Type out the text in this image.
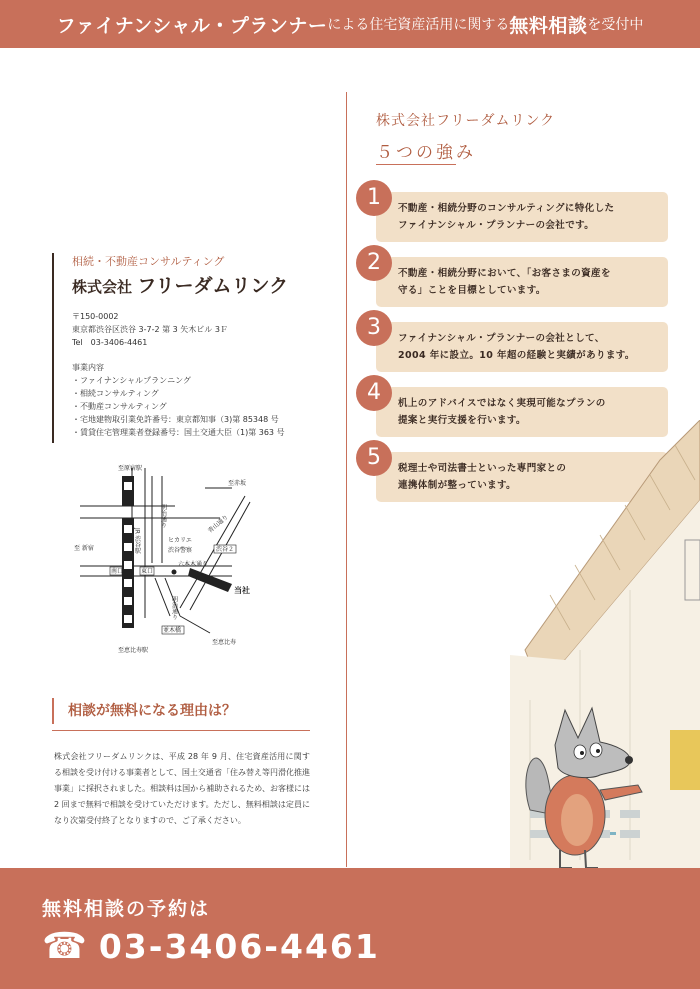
ファイナンシャル・プランナー による住宅資産活用に関する 無料相談 を受付中
相続・不動産コンサルティング
株式会社 フリーダムリンク
〒150-0002
東京都渋谷区渋谷 3-7-2 第 3 矢木ビル 3Ｆ
Tel　03-3406-4461
事業内容
・ファイナンシャルプランニング
・相続コンサルティング
・不動産コンサルティング
・宅地建物取引業免許番号：東京都知事（3)第 85348 号
・賃貸住宅管理業者登録番号：国土交通大臣（1)第 363 号
至原宿駅
至赤坂
至 新宿
明治通り	青山通り
JR 渋谷駅	ヒカリエ
渋谷警察	渋谷２
六本木通り
南口	東口
当社
明治通り
並木橋
至恵比寿駅
至恵比寿
相談が無料になる理由は？
株式会社フリーダムリンクは、平成 28 年 9 月、住宅資産活用に関する相談を受け付ける事業者として、国土交通省「住み替え等円滑化推進事業」に採択されました。相談料は国から補助されるため、お客様には 2 回まで無料で相談を受けていただけます。ただし、無料相談は定員になり次第受付終了となりますので、ご了承ください。
株式会社フリーダムリンク
５つの強み
1	不動産・相続分野のコンサルティングに特化した
ファイナンシャル・プランナーの会社です。
2	不動産・相続分野において、「お客さまの資産を
守る」ことを目標としています。
3	ファイナンシャル・プランナーの会社として、
2004 年に設立。10 年超の経験と実績があります。
4	机上のアドバイスではなく実現可能なプランの
提案と実行支援を行います。
5	税理士や司法書士といった専門家との
連携体制が整っています。
無料相談の予約は
☎ 03-3406-4461
